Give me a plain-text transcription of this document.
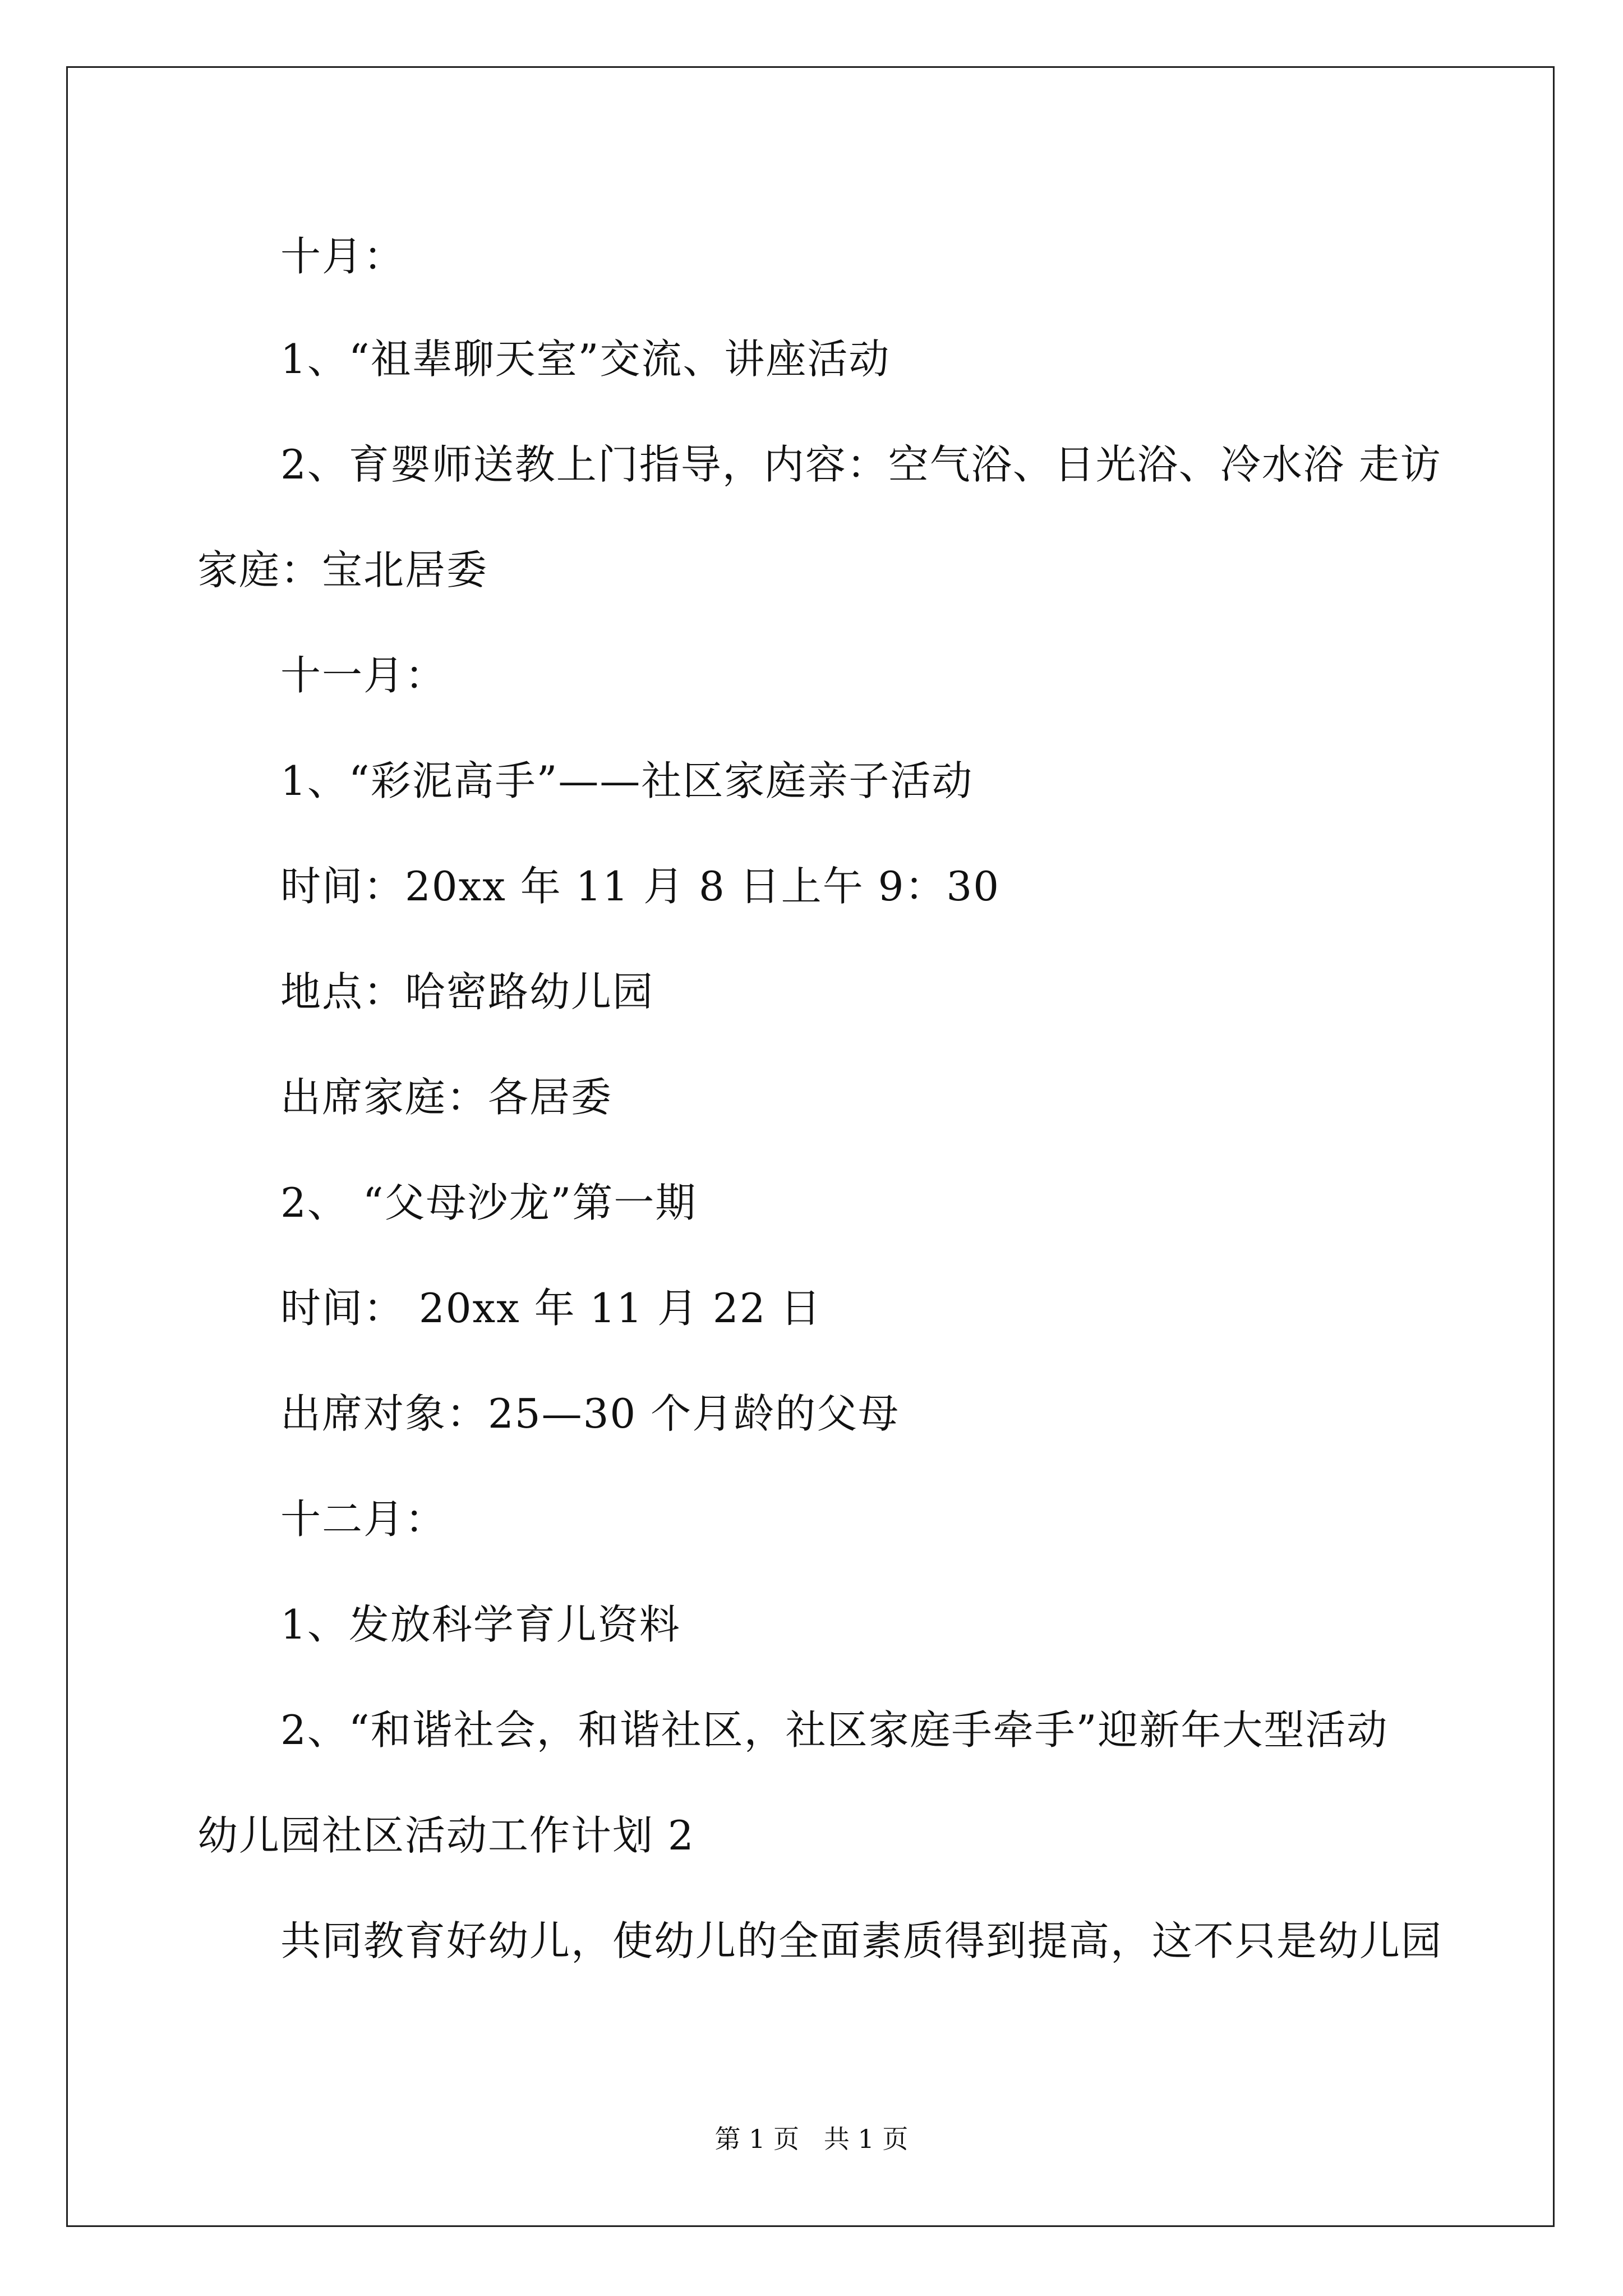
十月：
1、“祖辈聊天室”交流、讲座活动
2、育婴师送教上门指导，内容：空气浴、日光浴、冷水浴 走访
家庭：宝北居委
十一月：
1、“彩泥高手”——社区家庭亲子活动
时间：20xx 年 11 月 8 日上午 9：30
地点：哈密路幼儿园
出席家庭：各居委
2、 “父母沙龙”第一期
时间： 20xx 年 11 月 22 日
出席对象：25—30 个月龄的父母
十二月：
1、发放科学育儿资料
2、“和谐社会，和谐社区，社区家庭手牵手”迎新年大型活动
幼儿园社区活动工作计划 2
共同教育好幼儿，使幼儿的全面素质得到提高，这不只是幼儿园
第 1 页   共 1 页
